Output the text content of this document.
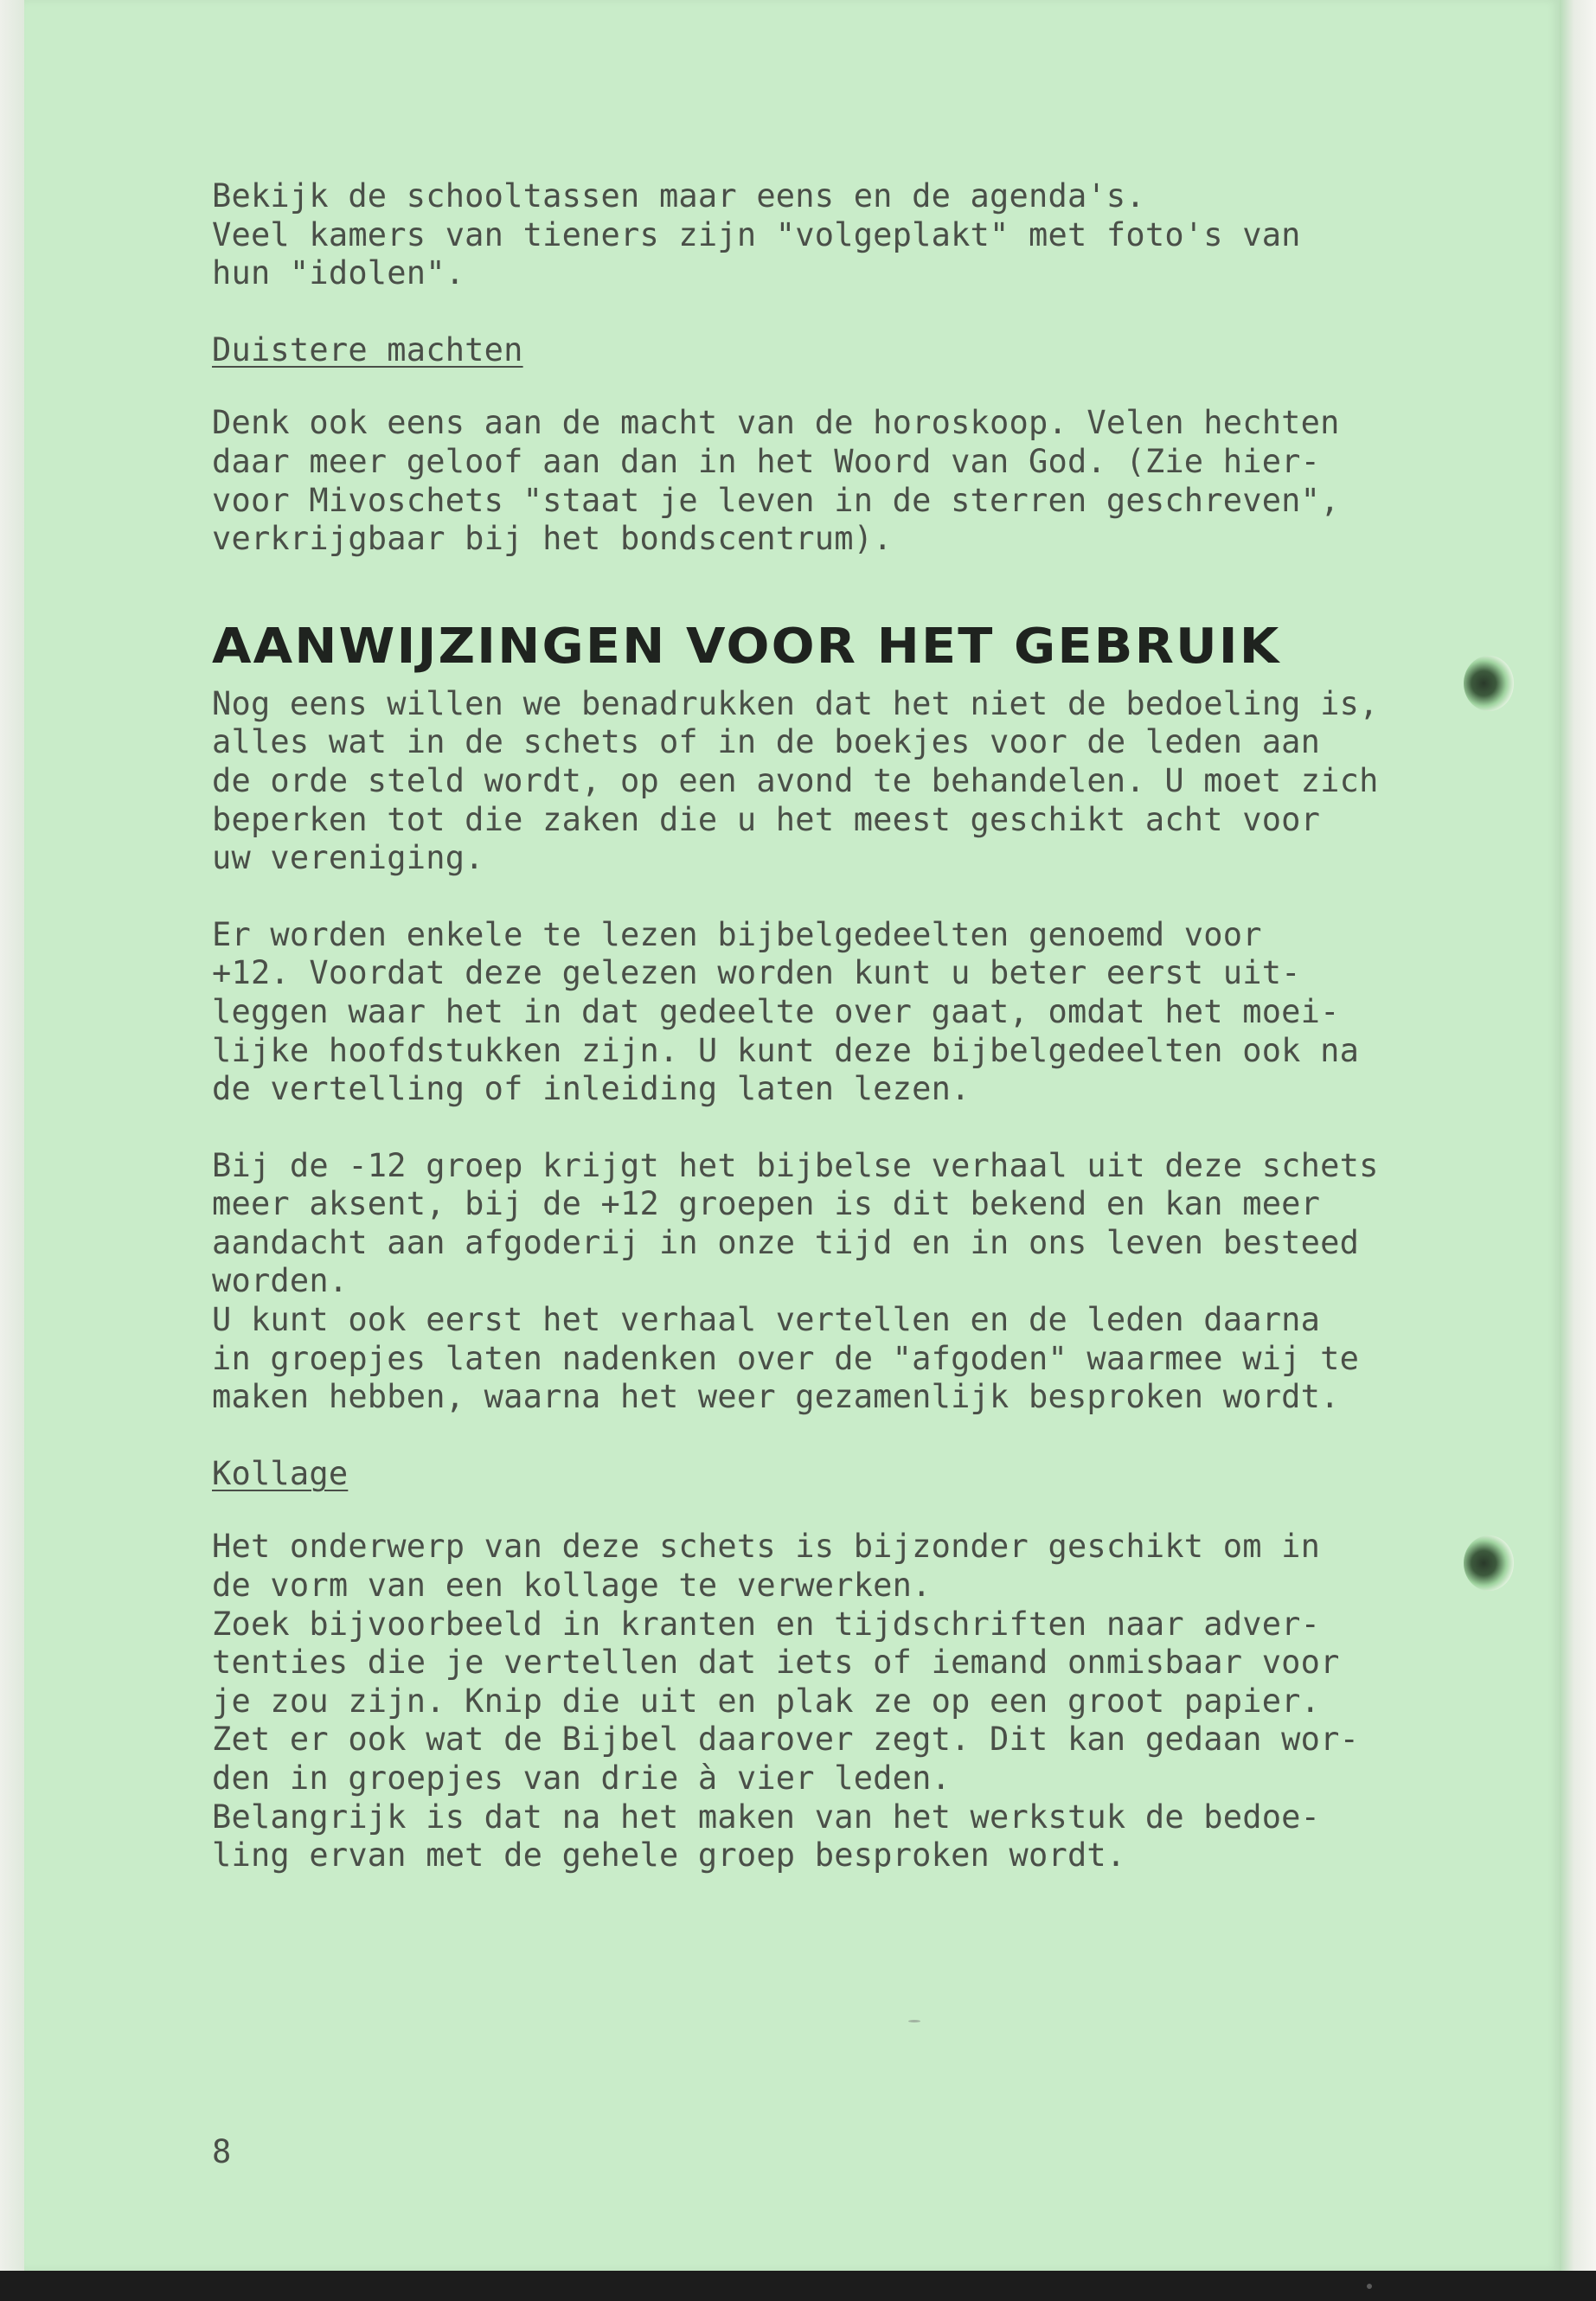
Bekijk de schooltassen maar eens en de agenda's.
Veel kamers van tieners zijn "volgeplakt" met foto's van
hun "idolen".
Duistere machten
Denk ook eens aan de macht van de horoskoop. Velen hechten
daar meer geloof aan dan in het Woord van God. (Zie hier-
voor Mivoschets "staat je leven in de sterren geschreven",
verkrijgbaar bij het bondscentrum).
AANWIJZINGEN VOOR HET GEBRUIK
Nog eens willen we benadrukken dat het niet de bedoeling is,
alles wat in de schets of in de boekjes voor de leden aan
de orde steld wordt, op een avond te behandelen. U moet zich
beperken tot die zaken die u het meest geschikt acht voor
uw vereniging.
Er worden enkele te lezen bijbelgedeelten genoemd voor
+12. Voordat deze gelezen worden kunt u beter eerst uit-
leggen waar het in dat gedeelte over gaat, omdat het moei-
lijke hoofdstukken zijn. U kunt deze bijbelgedeelten ook na
de vertelling of inleiding laten lezen.
Bij de -12 groep krijgt het bijbelse verhaal uit deze schets
meer aksent, bij de +12 groepen is dit bekend en kan meer
aandacht aan afgoderij in onze tijd en in ons leven besteed
worden.
U kunt ook eerst het verhaal vertellen en de leden daarna
in groepjes laten nadenken over de "afgoden" waarmee wij te
maken hebben, waarna het weer gezamenlijk besproken wordt.
Kollage
Het onderwerp van deze schets is bijzonder geschikt om in
de vorm van een kollage te verwerken.
Zoek bijvoorbeeld in kranten en tijdschriften naar adver-
tenties die je vertellen dat iets of iemand onmisbaar voor
je zou zijn. Knip die uit en plak ze op een groot papier.
Zet er ook wat de Bijbel daarover zegt. Dit kan gedaan wor-
den in groepjes van drie à vier leden.
Belangrijk is dat na het maken van het werkstuk de bedoe-
ling ervan met de gehele groep besproken wordt.
8
